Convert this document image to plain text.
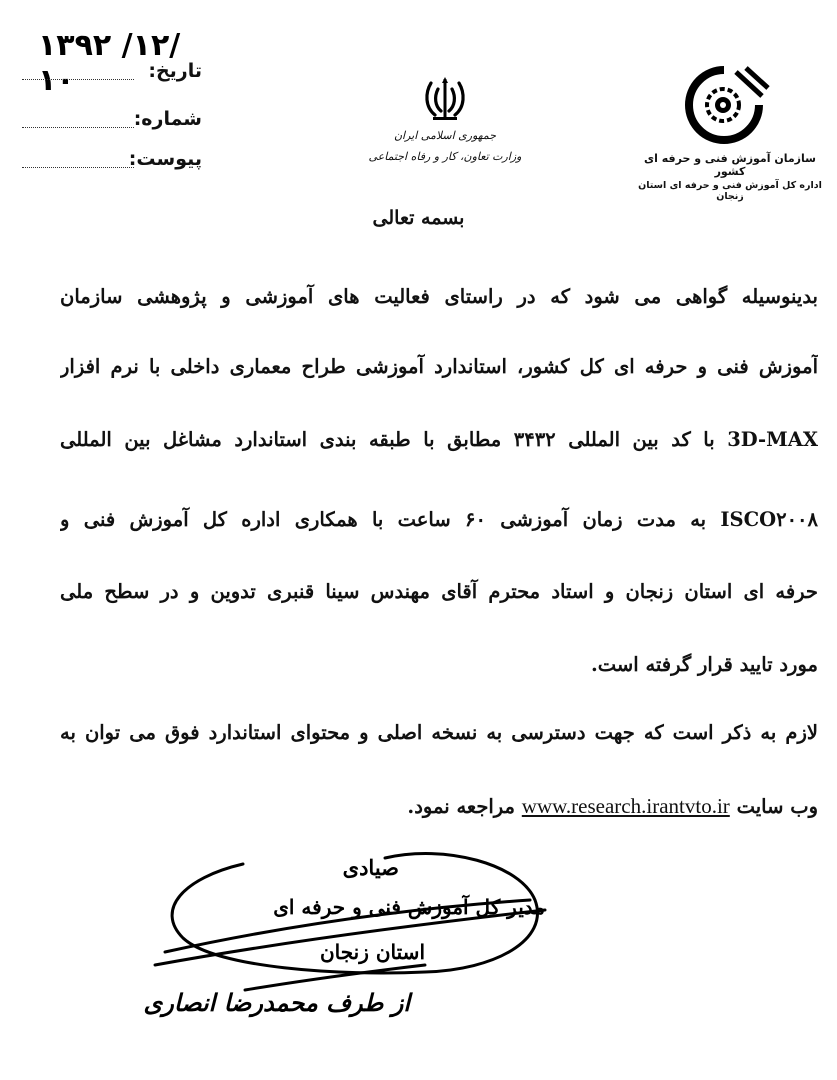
۱۳۹۲ /۱۲/ ۱۰	تاریخ:
شماره:
پیوست:
جمهوری اسلامی ایران
وزارت تعاون، کار و رفاه اجتماعی	سازمان آموزش فنی و حرفه ای کشور
اداره کل آموزش فنی و حرفه ای استان زنجان
بسمه تعالی
بدینوسیله گواهی می شود که در راستای فعالیت های آموزشی و پژوهشی سازمان
آموزش فنی و حرفه ای کل کشور، استاندارد آموزشی طراح معماری داخلی با نرم افزار
3D-MAX با کد بین المللی ۳۴۳۲ مطابق با طبقه بندی استاندارد مشاغل بین المللی
ISCO۲۰۰۸ به مدت زمان آموزشی ۶۰ ساعت با همکاری اداره کل آموزش فنی و
حرفه ای استان زنجان و استاد محترم آقای مهندس سینا قنبری تدوین و در سطح ملی
مورد تایید قرار گرفته است.
لازم به ذکر است که جهت دسترسی به نسخه اصلی و محتوای استاندارد فوق می توان به
وب سایت www.research.irantvto.ir مراجعه نمود.
صیادی
مدیر کل آموزش فنی و حرفه ای
استان زنجان
از طرف محمدرضا انصاری
